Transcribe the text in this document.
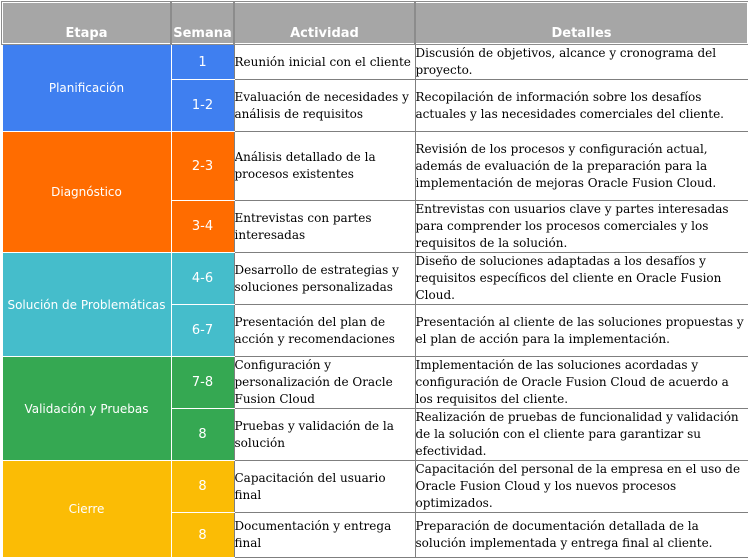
Etapa	Semana	Actividad	Detalles
Planificación	1	Reunión inicial con el cliente	Discusión de objetivos, alcance y cronograma del proyecto.
	1-2	Evaluación de necesidades y análisis de requisitos	Recopilación de información sobre los desafíos actuales y las necesidades comerciales del cliente.
Diagnóstico	2-3	Análisis detallado de la procesos existentes	Revisión de los procesos y configuración actual, además de evaluación de la preparación para la implementación de mejoras Oracle Fusion Cloud.
	3-4	Entrevistas con partes interesadas	Entrevistas con usuarios clave y partes interesadas para comprender los procesos comerciales y los requisitos de la solución.
Solución de Problemáticas	4-6	Desarrollo de estrategias y soluciones personalizadas	Diseño de soluciones adaptadas a los desafíos y requisitos específicos del cliente en Oracle Fusion Cloud.
	6-7	Presentación del plan de acción y recomendaciones	Presentación al cliente de las soluciones propuestas y el plan de acción para la implementación.
Validación y Pruebas	7-8	Configuración y personalización de Oracle Fusion Cloud	Implementación de las soluciones acordadas y configuración de Oracle Fusion Cloud de acuerdo a los requisitos del cliente.
	8	Pruebas y validación de la solución	Realización de pruebas de funcionalidad y validación de la solución con el cliente para garantizar su efectividad.
Cierre	8	Capacitación del usuario final	Capacitación del personal de la empresa en el uso de Oracle Fusion Cloud y los nuevos procesos optimizados.
	8	Documentación y entrega final	Preparación de documentación detallada de la solución implementada y entrega final al cliente.
